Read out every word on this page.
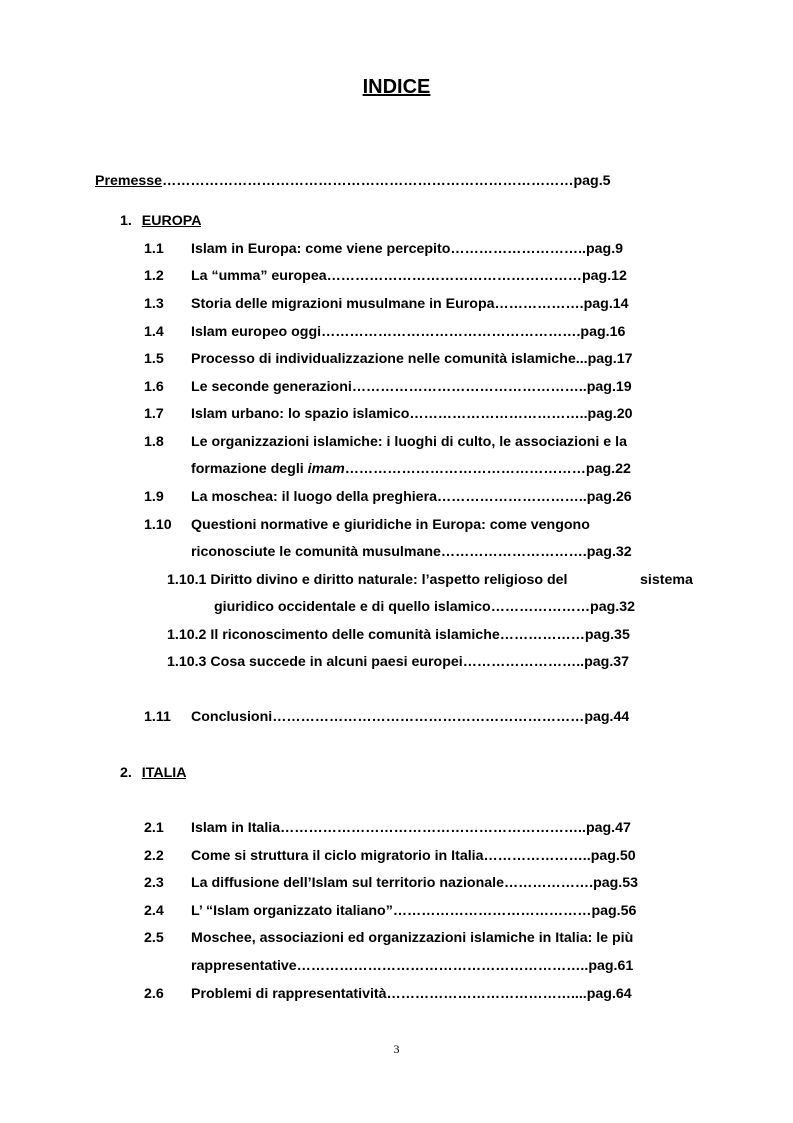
INDICE
Premesse……………………………………………………………………………pag.5
1. EUROPA
1.1 Islam in Europa: come viene percepito………………………..pag.9
1.2 La “umma” europea………………………………………………pag.12
1.3 Storia delle migrazioni musulmane in Europa……………….pag.14
1.4 Islam europeo oggi……………………………………………….pag.16
1.5 Processo di individualizzazione nelle comunità islamiche...pag.17
1.6 Le seconde generazioni…………………………………………..pag.19
1.7 Islam urbano: lo spazio islamico………………………………..pag.20
1.8 Le organizzazioni islamiche: i luoghi di culto, le associazioni e la
formazione degli imam……………………………………………pag.22
1.9 La moschea: il luogo della preghiera…………………………..pag.26
1.10 Questioni normative e giuridiche in Europa: come vengono
riconosciute le comunità musulmane………………………….pag.32
1.10.1 Diritto divino e diritto naturale: l’aspetto religioso del	sistema
giuridico occidentale e di quello islamico…………………pag.32
1.10.2 Il riconoscimento delle comunità islamiche………………pag.35
1.10.3 Cosa succede in alcuni paesi europei……………………..pag.37
1.11 Conclusioni…………………………………………………………pag.44
2. ITALIA
2.1 Islam in Italia………………………………………………………..pag.47
2.2 Come si struttura il ciclo migratorio in Italia…………………..pag.50
2.3 La diffusione dell’Islam sul territorio nazionale……………….pag.53
2.4 L’ “Islam organizzato italiano”……………………………………pag.56
2.5 Moschee, associazioni ed organizzazioni islamiche in Italia: le più
rappresentative……………………………………………………..pag.61
2.6 Problemi di rappresentatività…………………………………....pag.64
3
